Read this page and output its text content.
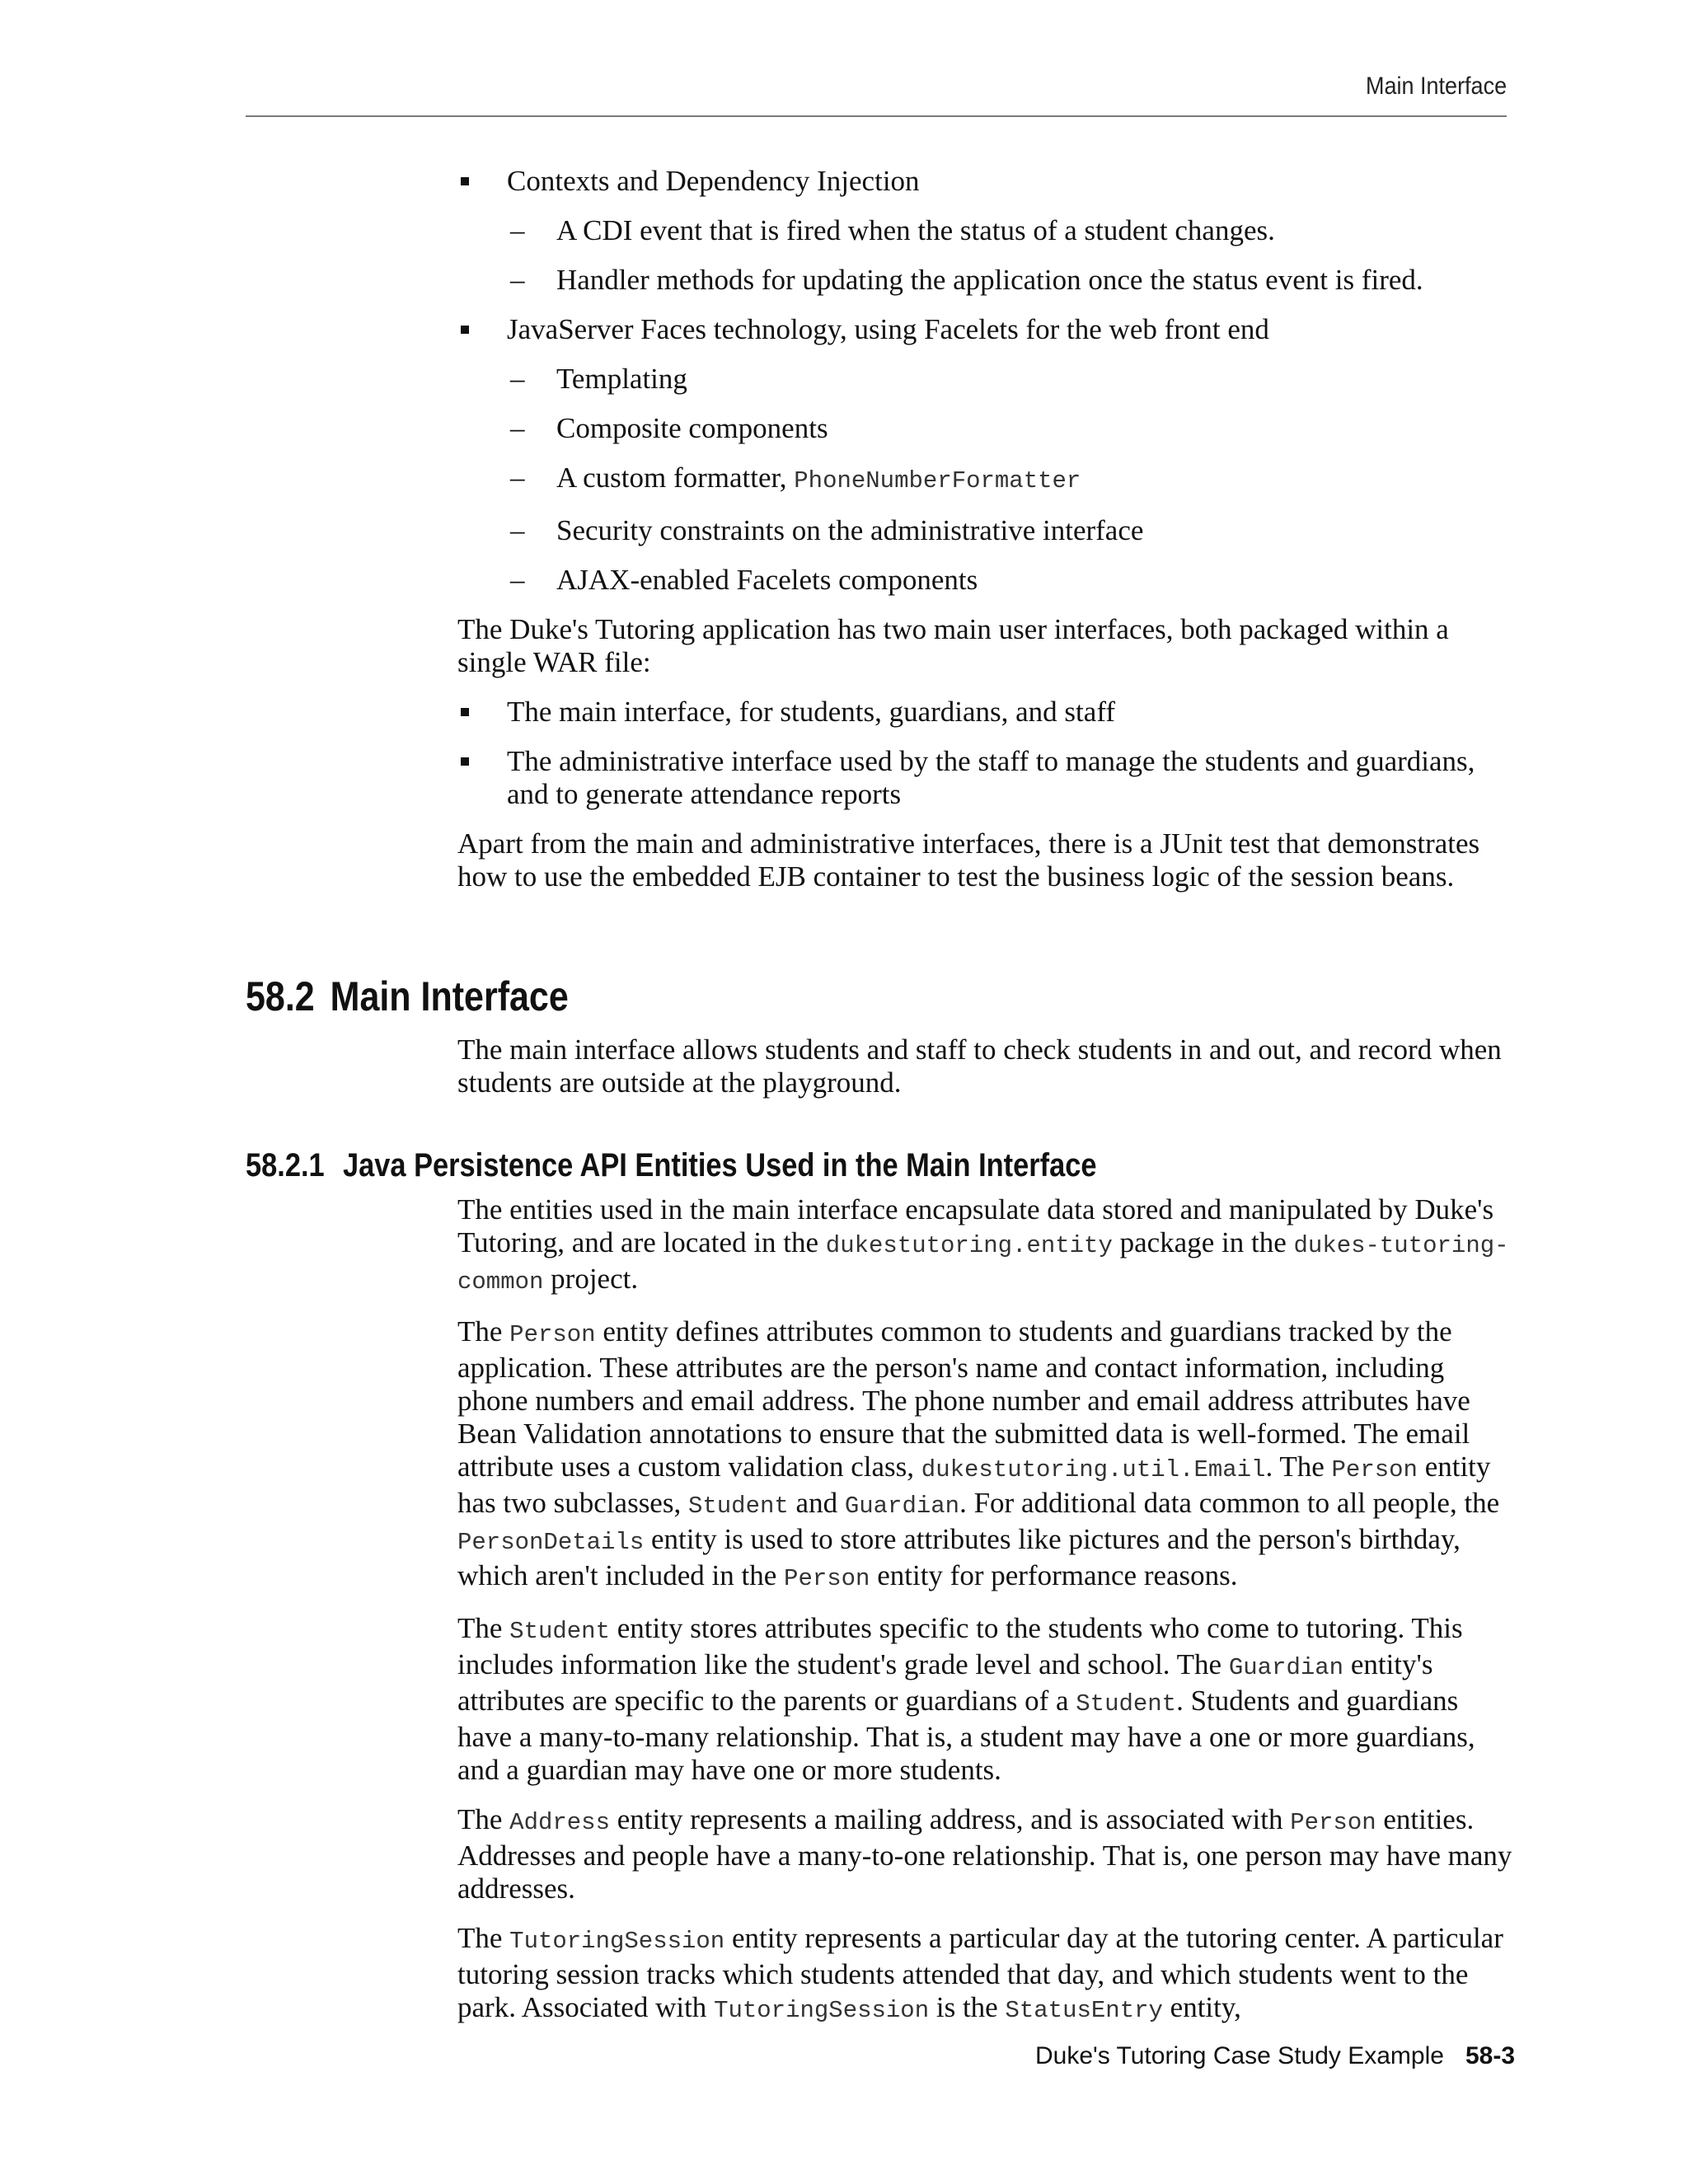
Main Interface
Contexts and Dependency Injection
– A CDI event that is fired when the status of a student changes.
– Handler methods for updating the application once the status event is fired.
JavaServer Faces technology, using Facelets for the web front end
– Templating
– Composite components
– A custom formatter, PhoneNumberFormatter
– Security constraints on the administrative interface
– AJAX-enabled Facelets components

The Duke's Tutoring application has two main user interfaces, both packaged within a single WAR file:

The main interface, for students, guardians, and staff
The administrative interface used by the staff to manage the students and guardians, and to generate attendance reports

Apart from the main and administrative interfaces, there is a JUnit test that demonstrates how to use the embedded EJB container to test the business logic of the session beans.

58.2 Main Interface

The main interface allows students and staff to check students in and out, and record when students are outside at the playground.

58.2.1 Java Persistence API Entities Used in the Main Interface

The entities used in the main interface encapsulate data stored and manipulated by Duke's Tutoring, and are located in the dukestutoring.entity package in the dukes-tutoring-common project.

The Person entity defines attributes common to students and guardians tracked by the application. These attributes are the person's name and contact information, including phone numbers and email address. The phone number and email address attributes have Bean Validation annotations to ensure that the submitted data is well-formed. The email attribute uses a custom validation class, dukestutoring.util.Email. The Person entity has two subclasses, Student and Guardian. For additional data common to all people, the PersonDetails entity is used to store attributes like pictures and the person's birthday, which aren't included in the Person entity for performance reasons.

The Student entity stores attributes specific to the students who come to tutoring. This includes information like the student's grade level and school. The Guardian entity's attributes are specific to the parents or guardians of a Student. Students and guardians have a many-to-many relationship. That is, a student may have a one or more guardians, and a guardian may have one or more students.

The Address entity represents a mailing address, and is associated with Person entities. Addresses and people have a many-to-one relationship. That is, one person may have many addresses.

The TutoringSession entity represents a particular day at the tutoring center. A particular tutoring session tracks which students attended that day, and which students went to the park. Associated with TutoringSession is the StatusEntry entity,

Duke's Tutoring Case Study Example 58-3
